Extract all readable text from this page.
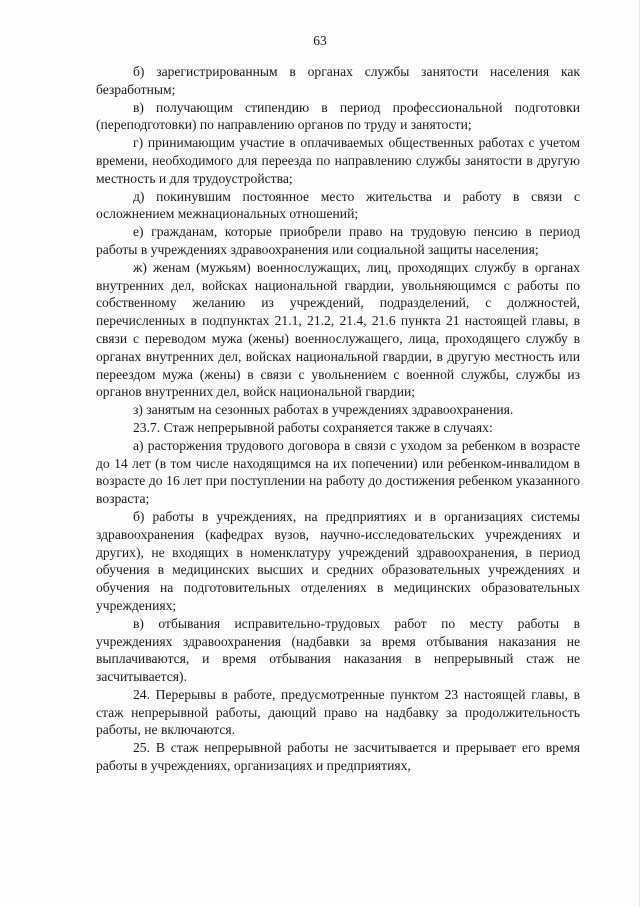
63

б) зарегистрированным в органах службы занятости населения как безработным;

в) получающим стипендию в период профессиональной подготовки (переподготовки) по направлению органов по труду и занятости;

г) принимающим участие в оплачиваемых общественных работах с учетом времени, необходимого для переезда по направлению службы занятости в другую местность и для трудоустройства;

д) покинувшим постоянное место жительства и работу в связи с осложнением межнациональных отношений;

е) гражданам, которые приобрели право на трудовую пенсию в период работы в учреждениях здравоохранения или социальной защиты населения;

ж) женам (мужьям) военнослужащих, лиц, проходящих службу в органах внутренних дел, войсках национальной гвардии, увольняющимся с работы по собственному желанию из учреждений, подразделений, с должностей, перечисленных в подпунктах 21.1, 21.2, 21.4, 21.6 пункта 21 настоящей главы, в связи с переводом мужа (жены) военнослужащего, лица, проходящего службу в органах внутренних дел, войсках национальной гвардии, в другую местность или переездом мужа (жены) в связи с увольнением с военной службы, службы из органов внутренних дел, войск национальной гвардии;

з) занятым на сезонных работах в учреждениях здравоохранения.

23.7. Стаж непрерывной работы сохраняется также в случаях:

а) расторжения трудового договора в связи с уходом за ребенком в возрасте до 14 лет (в том числе находящимся на их попечении) или ребенком-инвалидом в возрасте до 16 лет при поступлении на работу до достижения ребенком указанного возраста;

б) работы в учреждениях, на предприятиях и в организациях системы здравоохранения (кафедрах вузов, научно-исследовательских учреждениях и других), не входящих в номенклатуру учреждений здравоохранения, в период обучения в медицинских высших и средних образовательных учреждениях и обучения на подготовительных отделениях в медицинских образовательных учреждениях;

в) отбывания исправительно-трудовых работ по месту работы в учреждениях здравоохранения (надбавки за время отбывания наказания не выплачиваются, и время отбывания наказания в непрерывный стаж не засчитывается).

24. Перерывы в работе, предусмотренные пунктом 23 настоящей главы, в стаж непрерывной работы, дающий право на надбавку за продолжительность работы, не включаются.

25. В стаж непрерывной работы не засчитывается и прерывает его время работы в учреждениях, организациях и предприятиях,
